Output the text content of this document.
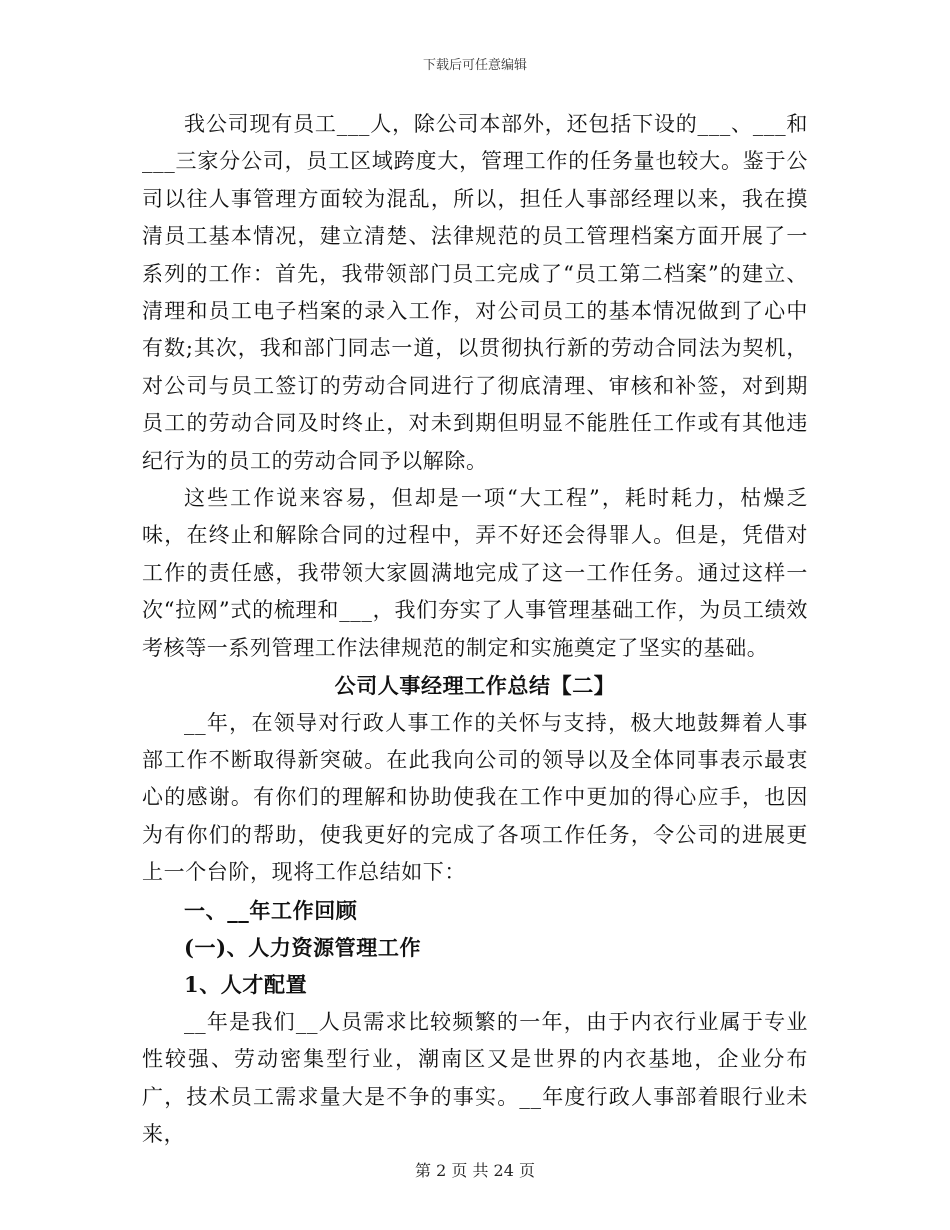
下载后可任意编辑

我公司现有员工___人，除公司本部外，还包括下设的___、___和___三家分公司，员工区域跨度大，管理工作的任务量也较大。鉴于公司以往人事管理方面较为混乱，所以，担任人事部经理以来，我在摸清员工基本情况，建立清楚、法律规范的员工管理档案方面开展了一系列的工作：首先，我带领部门员工完成了“员工第二档案”的建立、清理和员工电子档案的录入工作，对公司员工的基本情况做到了心中有数;其次，我和部门同志一道，以贯彻执行新的劳动合同法为契机，对公司与员工签订的劳动合同进行了彻底清理、审核和补签，对到期员工的劳动合同及时终止，对未到期但明显不能胜任工作或有其他违纪行为的员工的劳动合同予以解除。

这些工作说来容易，但却是一项“大工程”，耗时耗力，枯燥乏味，在终止和解除合同的过程中，弄不好还会得罪人。但是，凭借对工作的责任感，我带领大家圆满地完成了这一工作任务。通过这样一次“拉网”式的梳理和___，我们夯实了人事管理基础工作，为员工绩效考核等一系列管理工作法律规范的制定和实施奠定了坚实的基础。

公司人事经理工作总结【二】

__年，在领导对行政人事工作的关怀与支持，极大地鼓舞着人事部工作不断取得新突破。在此我向公司的领导以及全体同事表示最衷心的感谢。有你们的理解和协助使我在工作中更加的得心应手，也因为有你们的帮助，使我更好的完成了各项工作任务，令公司的进展更上一个台阶，现将工作总结如下：

一、__年工作回顾
(一)、人力资源管理工作
1、人才配置

__年是我们__人员需求比较频繁的一年，由于内衣行业属于专业性较强、劳动密集型行业，潮南区又是世界的内衣基地，企业分布广，技术员工需求量大是不争的事实。__年度行政人事部着眼行业未来，

第 2 页 共 24 页
